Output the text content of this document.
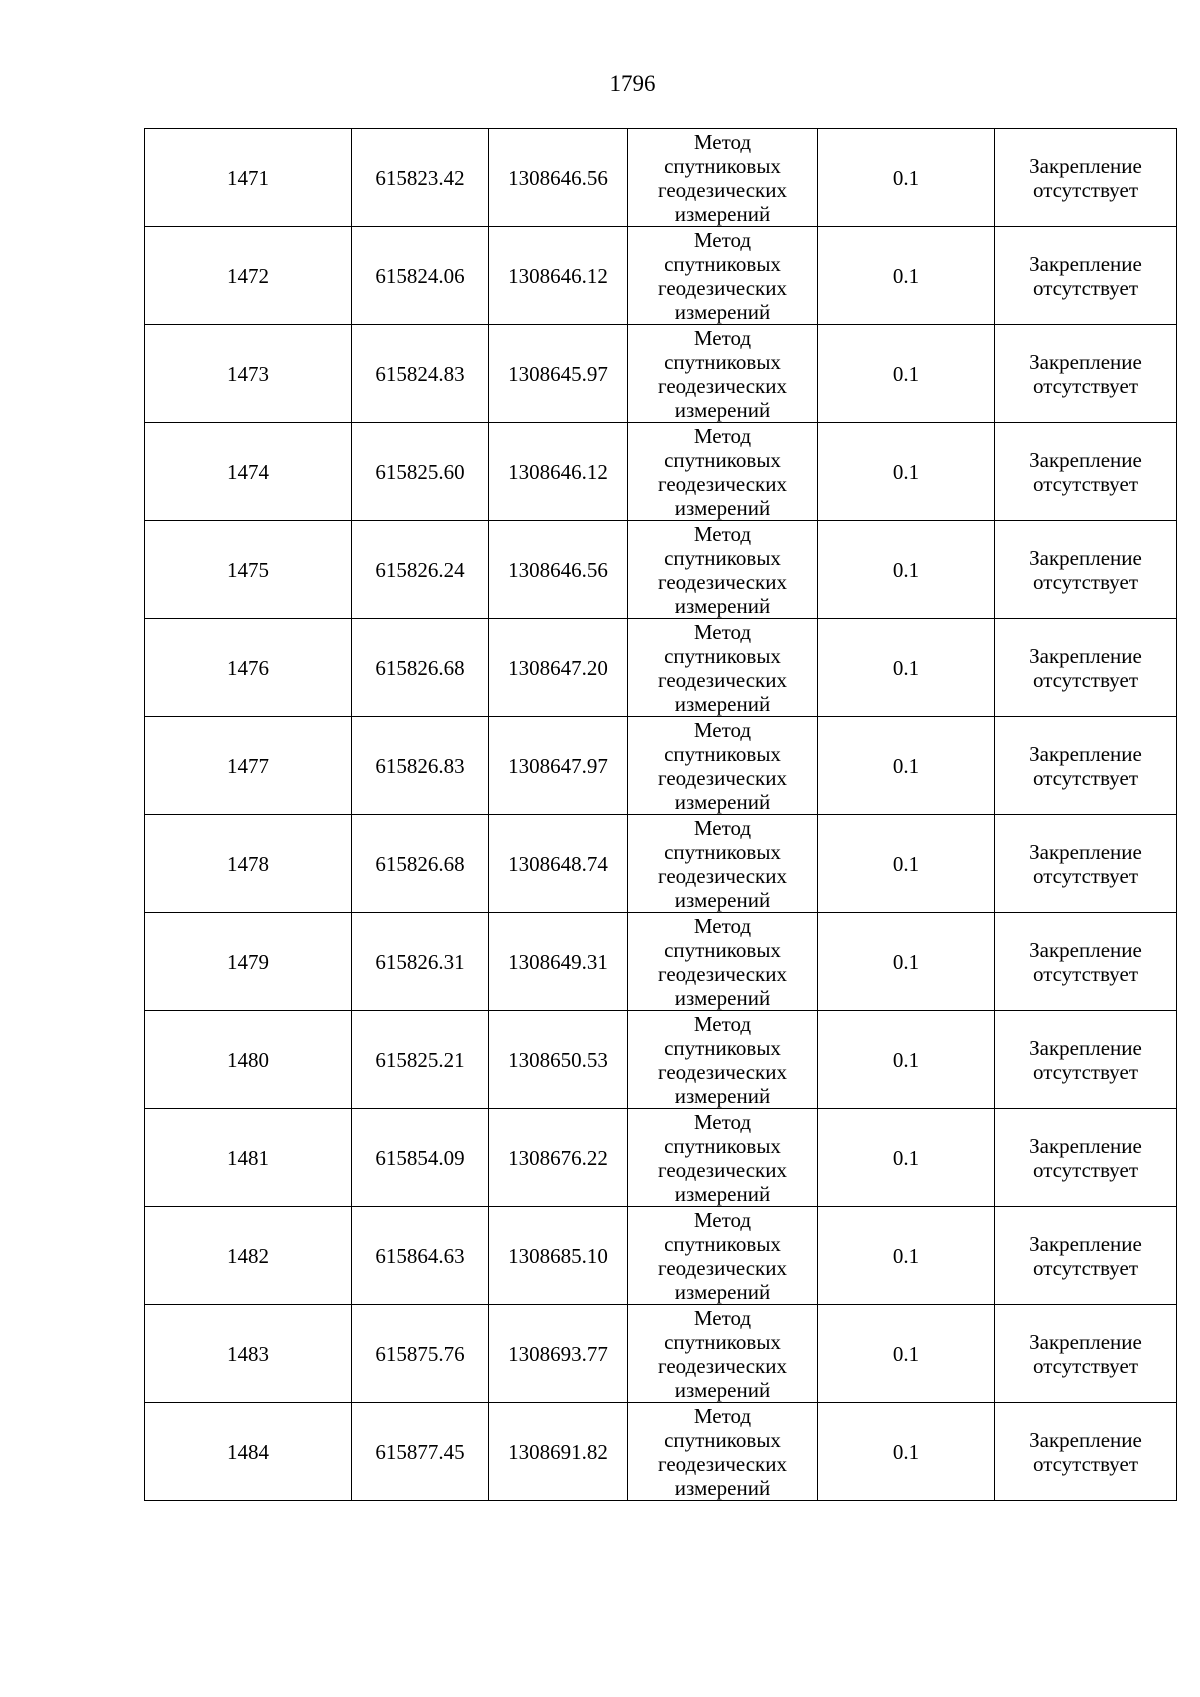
1796
1471	615823.42	1308646.56	Метод
спутниковых
геодезических
измерений	0.1	Закрепление
отсутствует

1472	615824.06	1308646.12	Метод
спутниковых
геодезических
измерений	0.1	Закрепление
отсутствует

1473	615824.83	1308645.97	Метод
спутниковых
геодезических
измерений	0.1	Закрепление
отсутствует

1474	615825.60	1308646.12	Метод
спутниковых
геодезических
измерений	0.1	Закрепление
отсутствует

1475	615826.24	1308646.56	Метод
спутниковых
геодезических
измерений	0.1	Закрепление
отсутствует

1476	615826.68	1308647.20	Метод
спутниковых
геодезических
измерений	0.1	Закрепление
отсутствует

1477	615826.83	1308647.97	Метод
спутниковых
геодезических
измерений	0.1	Закрепление
отсутствует

1478	615826.68	1308648.74	Метод
спутниковых
геодезических
измерений	0.1	Закрепление
отсутствует

1479	615826.31	1308649.31	Метод
спутниковых
геодезических
измерений	0.1	Закрепление
отсутствует

1480	615825.21	1308650.53	Метод
спутниковых
геодезических
измерений	0.1	Закрепление
отсутствует

1481	615854.09	1308676.22	Метод
спутниковых
геодезических
измерений	0.1	Закрепление
отсутствует

1482	615864.63	1308685.10	Метод
спутниковых
геодезических
измерений	0.1	Закрепление
отсутствует

1483	615875.76	1308693.77	Метод
спутниковых
геодезических
измерений	0.1	Закрепление
отсутствует

1484	615877.45	1308691.82	Метод
спутниковых
геодезических
измерений	0.1	Закрепление
отсутствует
